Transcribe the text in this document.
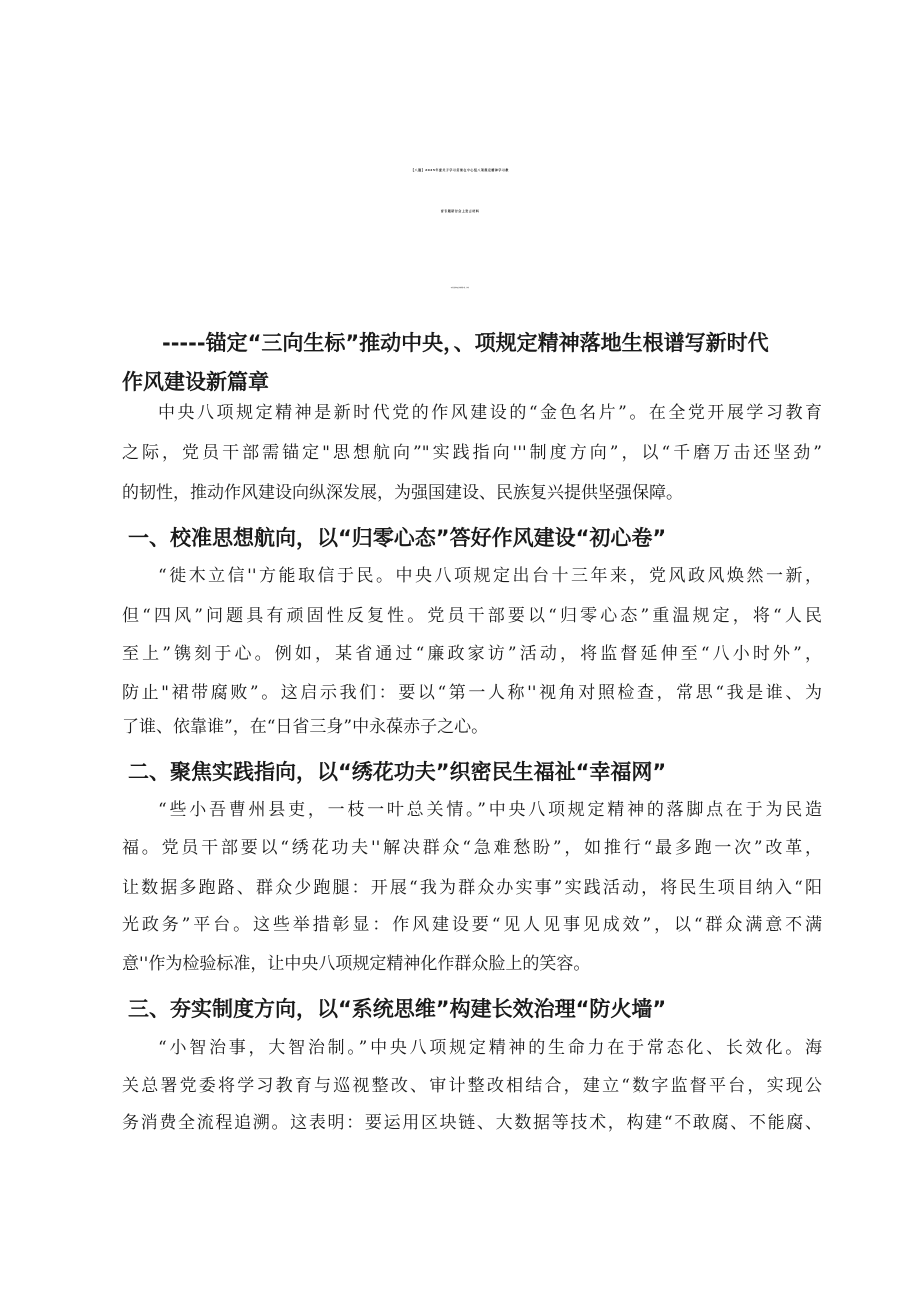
【八篇】2025年度关于学习贯彻在中心组八项规定精神学习教
育专题研讨会上发言材料
（研讨交流材料及心得感悟第1篇，共8篇）
-----锚定“三向生标”推动中央，、项规定精神落地生根谱写新时代
作风建设新篇章
中央八项规定精神是新时代党的作风建设的“金色名片”。在全党开展学习教育
之际，党员干部需锚定"思想航向”"实践指向'''制度方向”，以“千磨万击还坚劲”
的韧性，推动作风建设向纵深发展，为强国建设、民族复兴提供坚强保障。
一、校准思想航向，以“归零心态”答好作风建设“初心卷”
“徙木立信''方能取信于民。中央八项规定出台十三年来，党风政风焕然一新，
但“四风”问题具有顽固性反复性。党员干部要以“归零心态”重温规定，将“人民
至上”镌刻于心。例如，某省通过“廉政家访”活动，将监督延伸至“八小时外”，
防止"裙带腐败”。这启示我们：要以“第一人称''视角对照检查，常思“我是谁、为
了谁、依靠谁”，在“日省三身”中永葆赤子之心。
二、聚焦实践指向，以“绣花功夫”织密民生福祉“幸福网”
“些小吾曹州县吏，一枝一叶总关情。”中央八项规定精神的落脚点在于为民造
福。党员干部要以“绣花功夫''解决群众“急难愁盼”，如推行“最多跑一次”改革，
让数据多跑路、群众少跑腿：开展“我为群众办实事”实践活动，将民生项目纳入“阳
光政务”平台。这些举措彰显：作风建设要“见人见事见成效”，以“群众满意不满
意''作为检验标准，让中央八项规定精神化作群众脸上的笑容。
三、夯实制度方向，以“系统思维”构建长效治理“防火墙”
“小智治事，大智治制。”中央八项规定精神的生命力在于常态化、长效化。海
关总署党委将学习教育与巡视整改、审计整改相结合，建立“数字监督平台，实现公
务消费全流程追溯。这表明：要运用区块链、大数据等技术，构建“不敢腐、不能腐、
